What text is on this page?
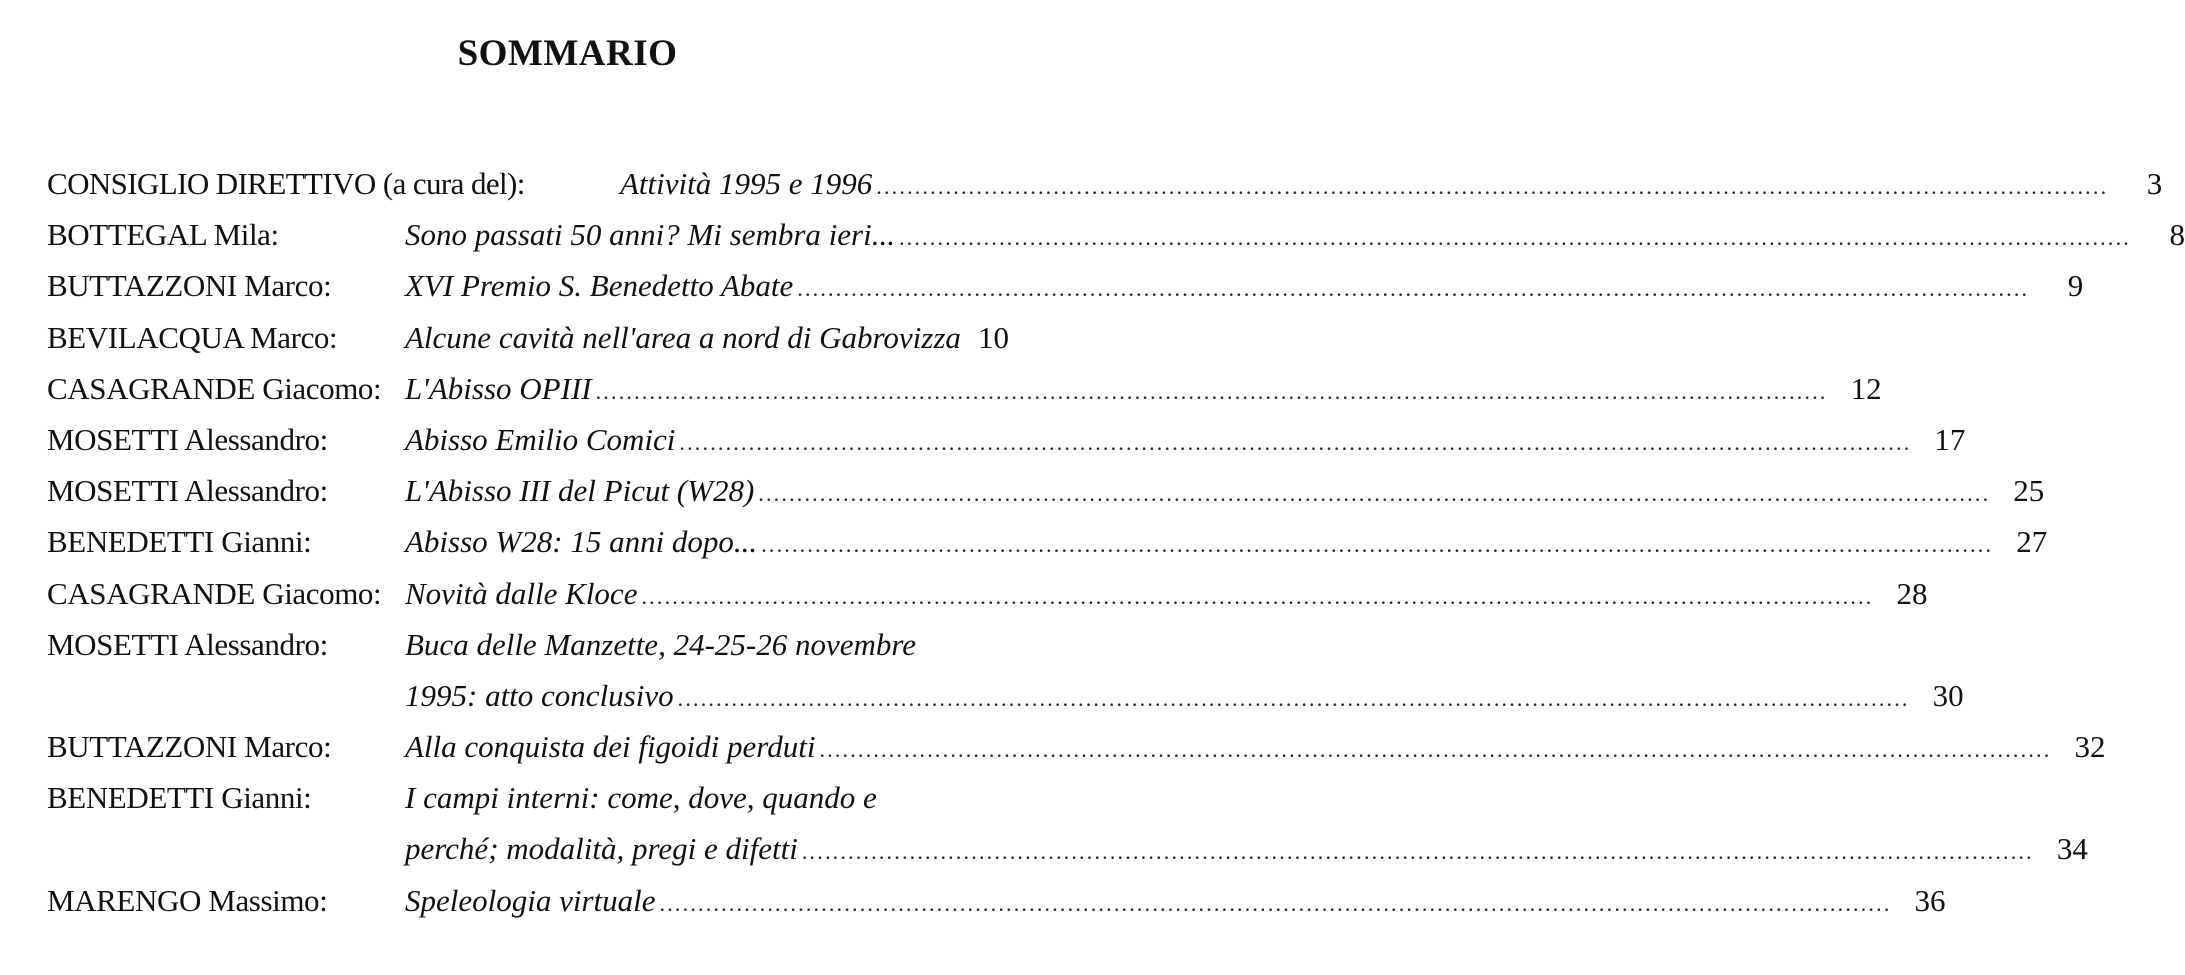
SOMMARIO
CONSIGLIO DIRETTIVO (a cura del):	Attività 1995 e 1996 ................................................................................................................................................................	3
BOTTEGAL Mila:	Sono passati 50 anni? Mi sembra ieri... ................................................................................................................................................................	8
BUTTAZZONI Marco: XVI Premio S. Benedetto Abate ................................................................................................................................................................	9
BEVILACQUA Marco: Alcune cavità nell'area a nord di Gabrovizza 10
CASAGRANDE Giacomo: L'Abisso OPIII ................................................................................................................................................................ 12
MOSETTI Alessandro: Abisso Emilio Comici ................................................................................................................................................................ 17
MOSETTI Alessandro: L'Abisso III del Picut (W28) ................................................................................................................................................................ 25
BENEDETTI Gianni:	Abisso W28: 15 anni dopo... ................................................................................................................................................................ 27
CASAGRANDE Giacomo: Novità dalle Kloce ................................................................................................................................................................ 28
MOSETTI Alessandro: Buca delle Manzette, 24-25-26 novembre
1995: atto conclusivo ................................................................................................................................................................ 30
BUTTAZZONI Marco: Alla conquista dei figoidi perduti ................................................................................................................................................................ 32
BENEDETTI Gianni:	I campi interni: come, dove, quando e
perché; modalità, pregi e difetti ................................................................................................................................................................ 34
MARENGO Massimo:	Speleologia virtuale ................................................................................................................................................................ 36
